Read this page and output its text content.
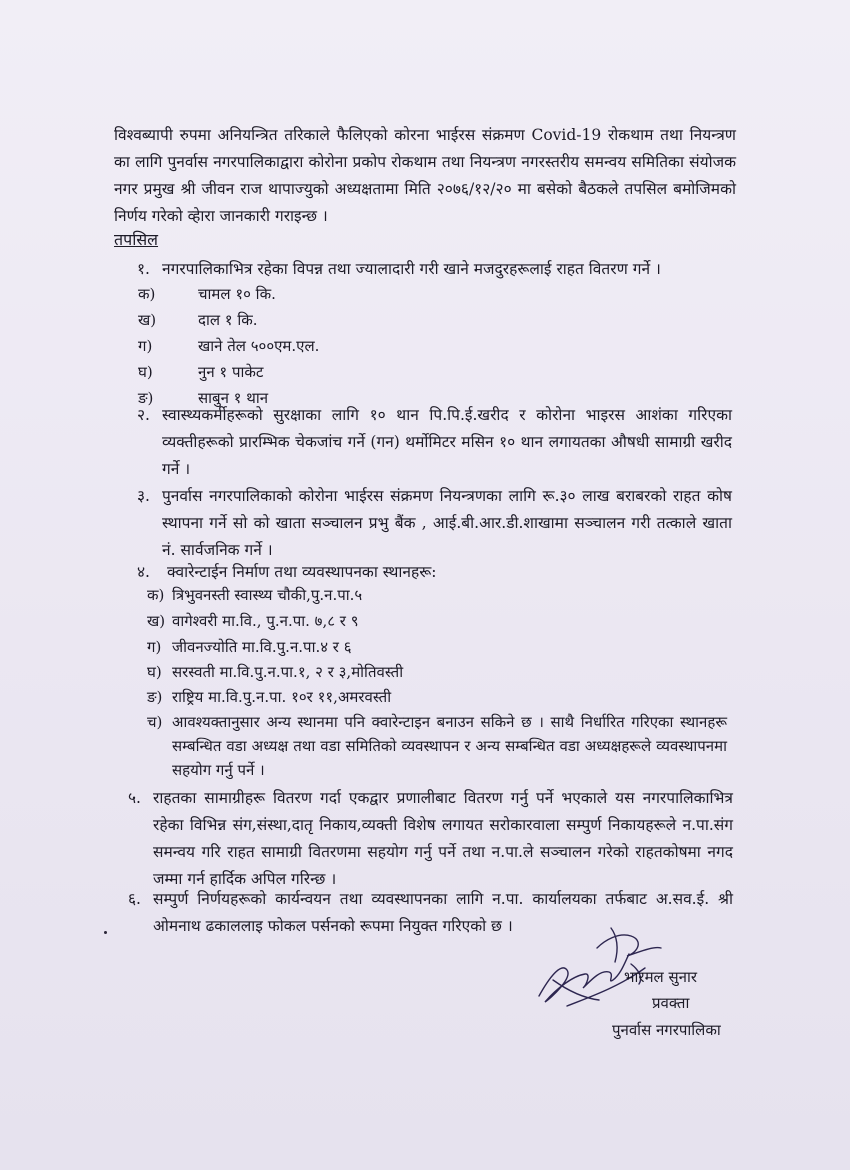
विश्वब्यापी रुपमा अनियन्त्रित तरिकाले फैलिएको कोरना भाईरस संक्रमण Covid-19 रोकथाम तथा नियन्त्रण का लागि पुनर्वास नगरपालिकाद्वारा कोरोना प्रकोप रोकथाम तथा नियन्त्रण नगरस्तरीय समन्वय समितिका संयोजक नगर प्रमुख श्री जीवन राज थापाज्युको अध्यक्षतामा मिति २०७६/१२/२० मा बसेको बैठकले तपसिल बमोजिमको निर्णय गरेको व्हेारा जानकारी गराइन्छ ।
तपसिल
१. नगरपालिकाभित्र रहेका विपन्न तथा ज्यालादारी गरी खाने मजदुरहरूलाई राहत वितरण गर्ने ।
क)	चामल १० कि.
ख)	दाल १ कि.
ग)	खाने तेल ५००एम.एल.
घ)	नुन १ पाकेट
ङ)	साबुन १ थान
२. स्वास्थ्यकर्मीहरूको सुरक्षाका लागि १० थान पि.पि.ई.खरीद र कोरोना भाइरस आशंका गरिएका व्यक्तीहरूको प्रारम्भिक चेकजांच गर्ने (गन) थर्मोमिटर मसिन १० थान लगायतका औषधी सामाग्री खरीद गर्ने ।
३. पुनर्वास नगरपालिकाको कोरोना भाईरस संक्रमण नियन्त्रणका लागि रू.३० लाख बराबरको राहत कोष स्थापना गर्ने सो को खाता सञ्चालन प्रभु बैंक , आई.बी.आर.डी.शाखामा सञ्चालन गरी तत्काले खाता नं. सार्वजनिक गर्ने ।
४. क्वारेन्टाईन निर्माण तथा व्यवस्थापनका स्थानहरू:
क) त्रिभुवनस्ती स्वास्थ्य चौकी,पु.न.पा.५
ख) वागेश्वरी मा.वि., पु.न.पा. ७,८ र ९
ग) जीवनज्योति मा.वि.पु.न.पा.४ र ६
घ) सरस्वती मा.वि.पु.न.पा.१, २ र ३,मोतिवस्ती
ङ) राष्ट्रिय मा.वि.पु.न.पा. १०र ११,अमरवस्ती
च) आवश्यक्तानुसार अन्य स्थानमा पनि क्वारेन्टाइन बनाउन सकिने छ । साथै निर्धारित गरिएका स्थानहरू सम्बन्धित वडा अध्यक्ष तथा वडा समितिको व्यवस्थापन र अन्य सम्बन्धित वडा अध्यक्षहरूले व्यवस्थापनमा सहयोग गर्नु पर्ने ।
५. राहतका सामाग्रीहरू वितरण गर्दा एकद्वार प्रणालीबाट वितरण गर्नु पर्ने भएकाले यस नगरपालिकाभित्र रहेका विभिन्न संग,संस्था,दातृ निकाय,व्यक्ती विशेष लगायत सरोकारवाला सम्पुर्ण निकायहरूले न.पा.संग समन्वय गरि राहत सामाग्री वितरणमा सहयोग गर्नु पर्ने तथा न.पा.ले सञ्चालन गरेको राहतकोषमा नगद जम्मा गर्न हार्दिक अपिल गरिन्छ ।
६. सम्पुर्ण निर्णयहरूको कार्यन्वयन तथा व्यवस्थापनका लागि न.पा. कार्यालयका तर्फबाट अ.सव.ई. श्री ओमनाथ ढकाललाइ फोकल पर्सनको रूपमा नियुक्त गरिएको छ ।
भारमल सुनार
प्रवक्ता
पुनर्वास नगरपालिका
